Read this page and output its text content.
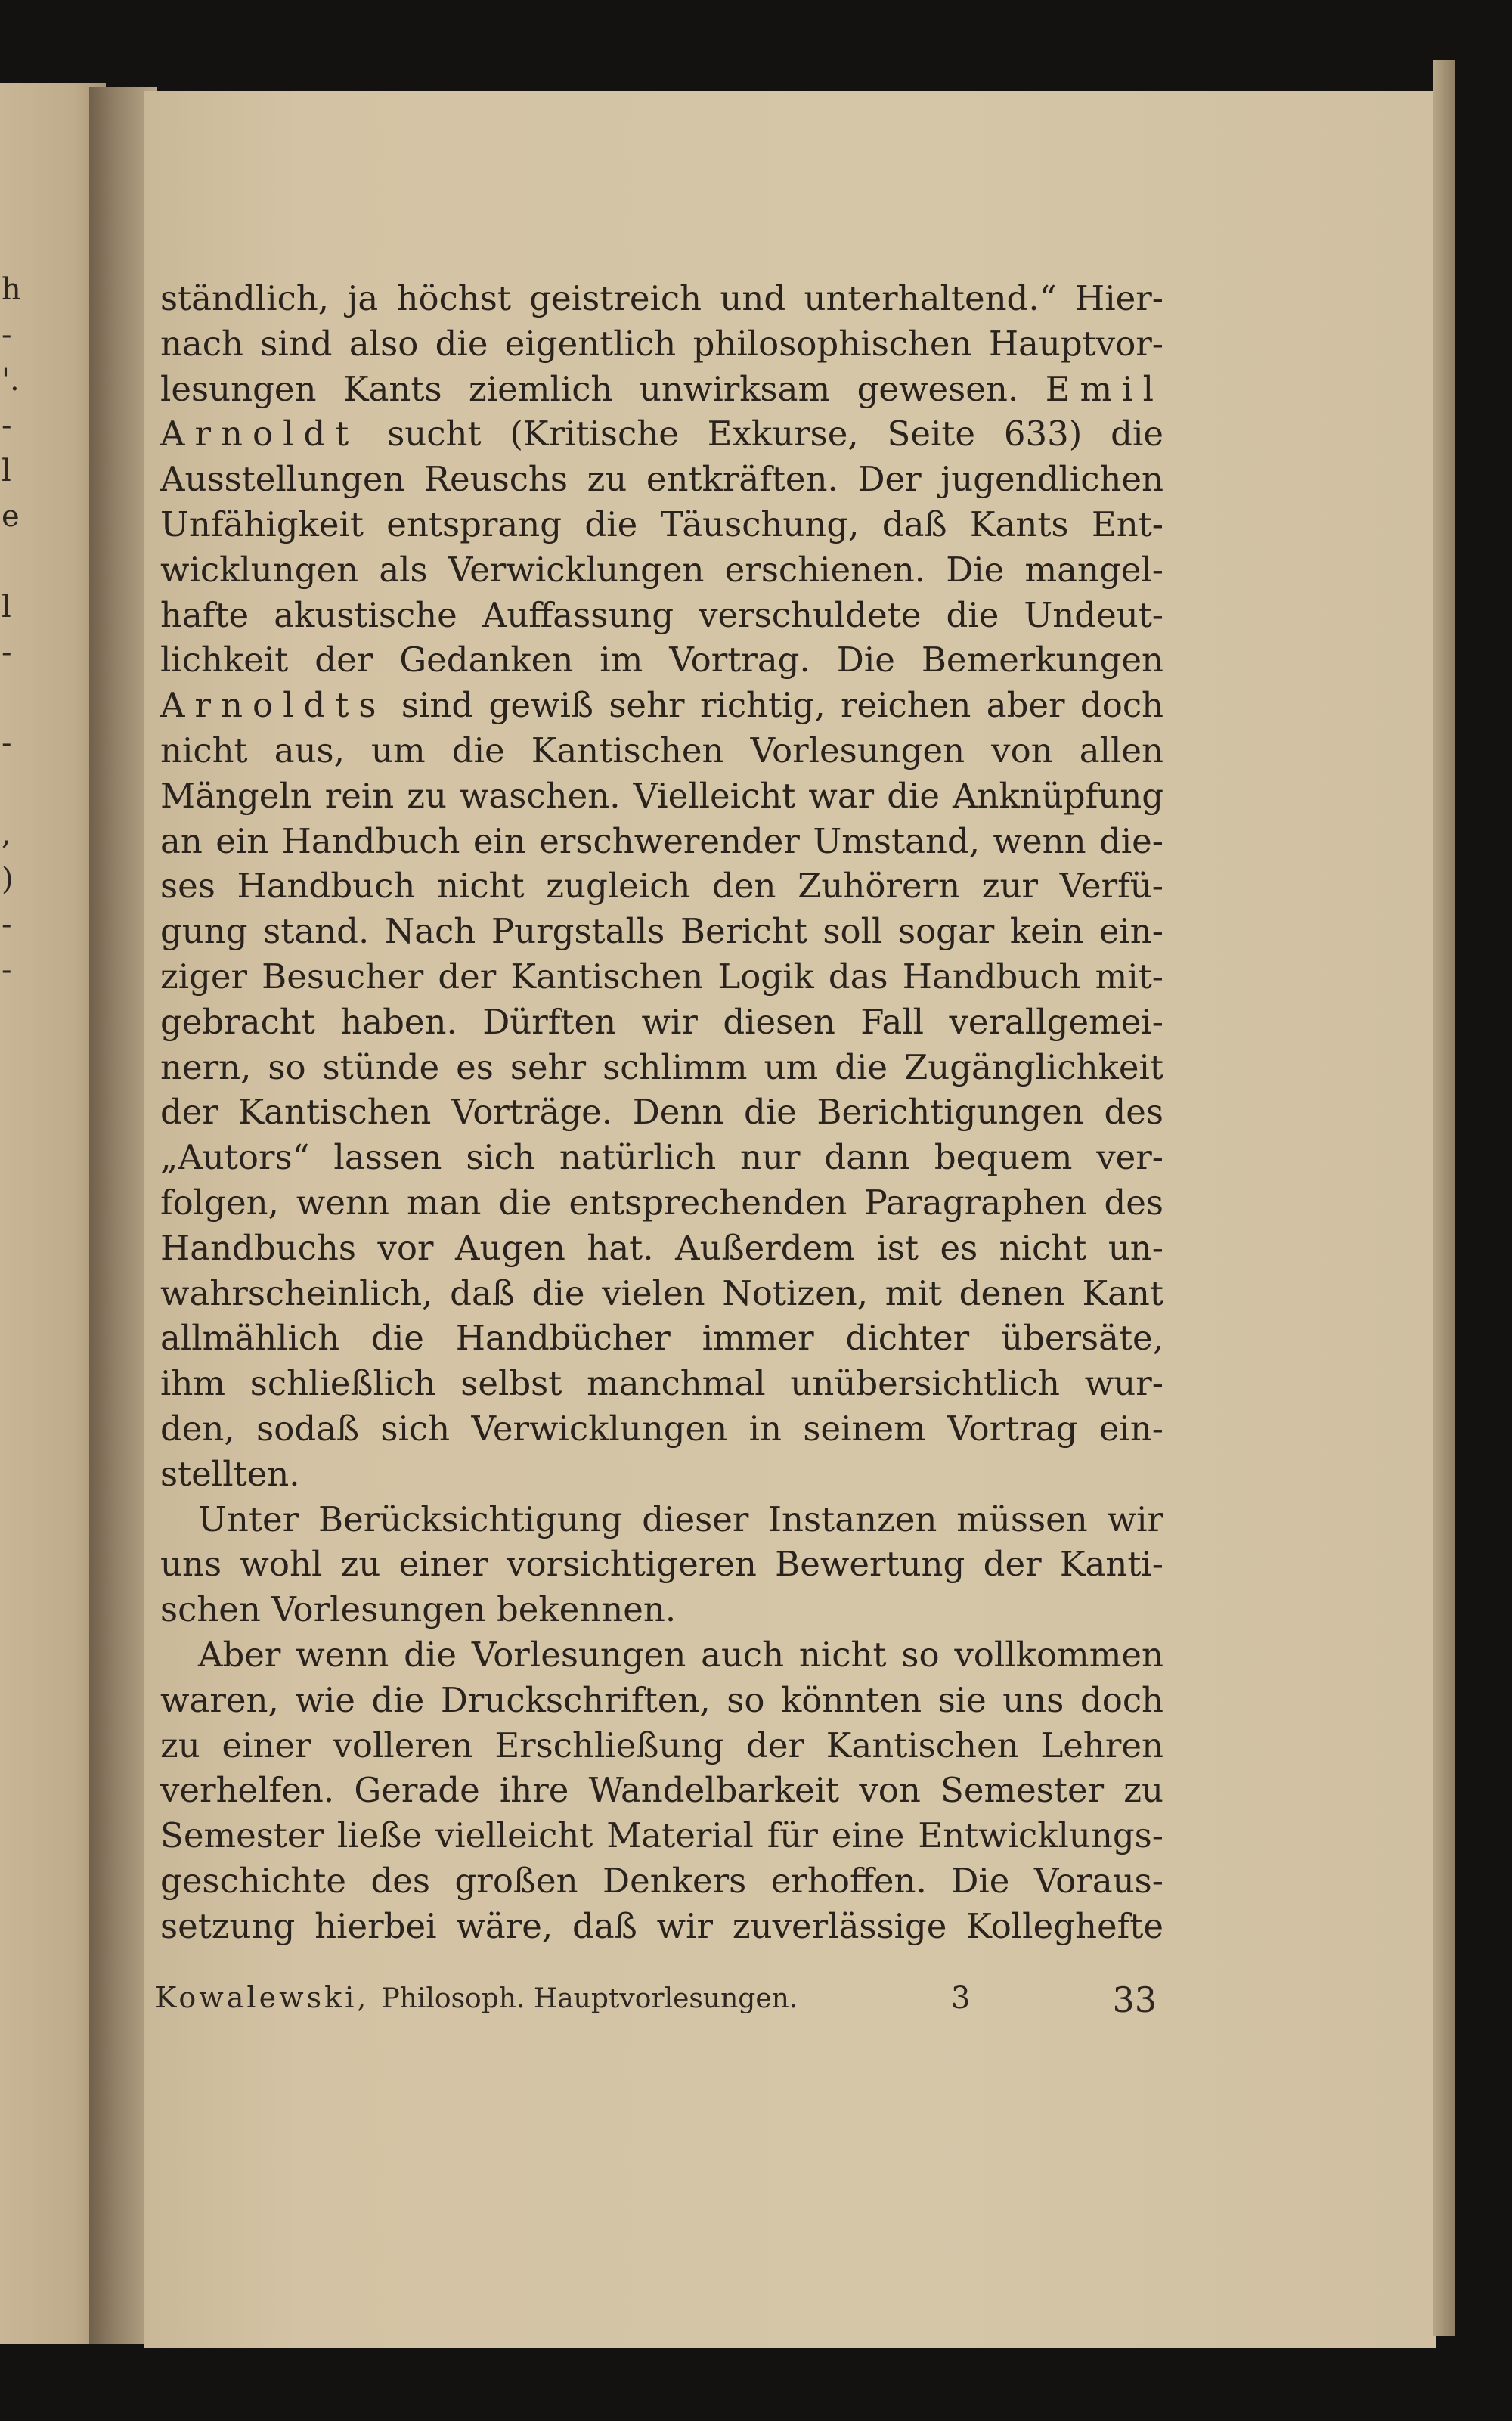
h
-
'.
-
l
e
l
-
-
,
)
-
-
ständlich, ja höchst geistreich und unterhaltend.“ Hier-
nach sind also die eigentlich philosophischen Hauptvor-
lesungen Kants ziemlich unwirksam gewesen. Emil
Arnoldt sucht (Kritische Exkurse, Seite 633) die
Ausstellungen Reuschs zu entkräften. Der jugendlichen
Unfähigkeit entsprang die Täuschung, daß Kants Ent-
wicklungen als Verwicklungen erschienen. Die mangel-
hafte akustische Auffassung verschuldete die Undeut-
lichkeit der Gedanken im Vortrag. Die Bemerkungen
Arnoldts sind gewiß sehr richtig, reichen aber doch
nicht aus, um die Kantischen Vorlesungen von allen
Mängeln rein zu waschen. Vielleicht war die Anknüpfung
an ein Handbuch ein erschwerender Umstand, wenn die-
ses Handbuch nicht zugleich den Zuhörern zur Verfü-
gung stand. Nach Purgstalls Bericht soll sogar kein ein-
ziger Besucher der Kantischen Logik das Handbuch mit-
gebracht haben. Dürften wir diesen Fall verallgemei-
nern, so stünde es sehr schlimm um die Zugänglichkeit
der Kantischen Vorträge. Denn die Berichtigungen des
„Autors“ lassen sich natürlich nur dann bequem ver-
folgen, wenn man die entsprechenden Paragraphen des
Handbuchs vor Augen hat. Außerdem ist es nicht un-
wahrscheinlich, daß die vielen Notizen, mit denen Kant
allmählich die Handbücher immer dichter übersäte,
ihm schließlich selbst manchmal unübersichtlich wur-
den, sodaß sich Verwicklungen in seinem Vortrag ein-
stellten.
Unter Berücksichtigung dieser Instanzen müssen wir
uns wohl zu einer vorsichtigeren Bewertung der Kanti-
schen Vorlesungen bekennen.
Aber wenn die Vorlesungen auch nicht so vollkommen
waren, wie die Druckschriften, so könnten sie uns doch
zu einer volleren Erschließung der Kantischen Lehren
verhelfen. Gerade ihre Wandelbarkeit von Semester zu
Semester ließe vielleicht Material für eine Entwicklungs-
geschichte des großen Denkers erhoffen. Die Voraus-
setzung hierbei wäre, daß wir zuverlässige Kolleghefte
Kowalewski, Philosoph. Hauptvorlesungen.	3	33
